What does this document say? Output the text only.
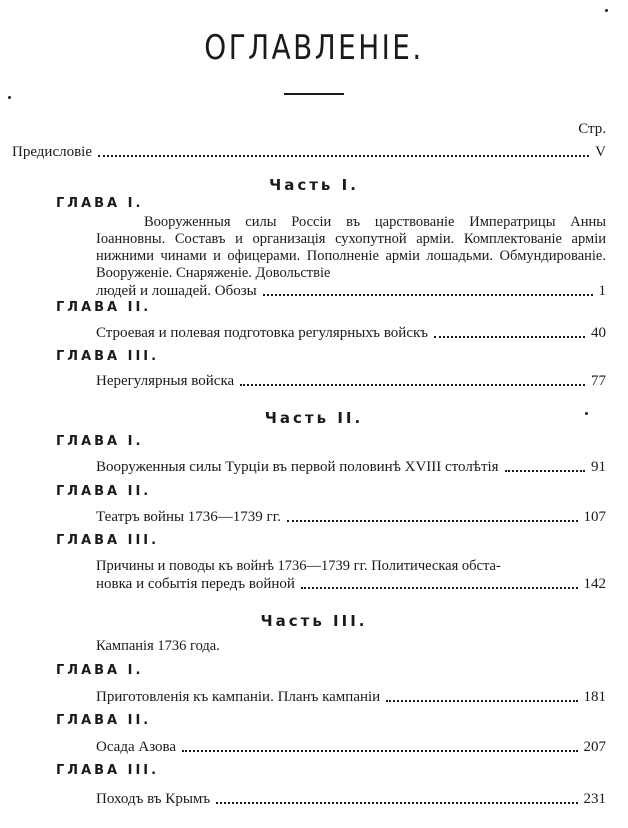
ОГЛАВЛЕНІЕ.
Стр.
Предисловіе	V
Часть I.
ГЛАВА I.
Вооруженныя силы Россіи въ царствованіе Императрицы Анны Іоанновны. Составъ и организація сухопутной арміи. Комплектованіе арміи нижними чинами и офицерами. Пополненіе арміи лошадьми. Обмундированіе. Вооруженіе. Снаряженіе. Довольствіе
людей и лошадей. Обозы	1
ГЛАВА II.
Строевая и полевая подготовка регулярныхъ войскъ	40
ГЛАВА III.
Нерегулярныя войска	77
Часть II.
ГЛАВА I.
Вооруженныя силы Турціи въ первой половинѣ XVIII столѣтія	91
ГЛАВА II.
Театръ войны 1736—1739 гг.	107
ГЛАВА III.
Причины и поводы къ войнѣ 1736—1739 гг. Политическая обста-
новка и событія передъ войной	142
Часть III.
Кампанія 1736 года.
ГЛАВА I.
Приготовленія къ кампаніи. Планъ кампаніи	181
ГЛАВА II.
Осада Азова	207
ГЛАВА III.
Походъ въ Крымъ	231
